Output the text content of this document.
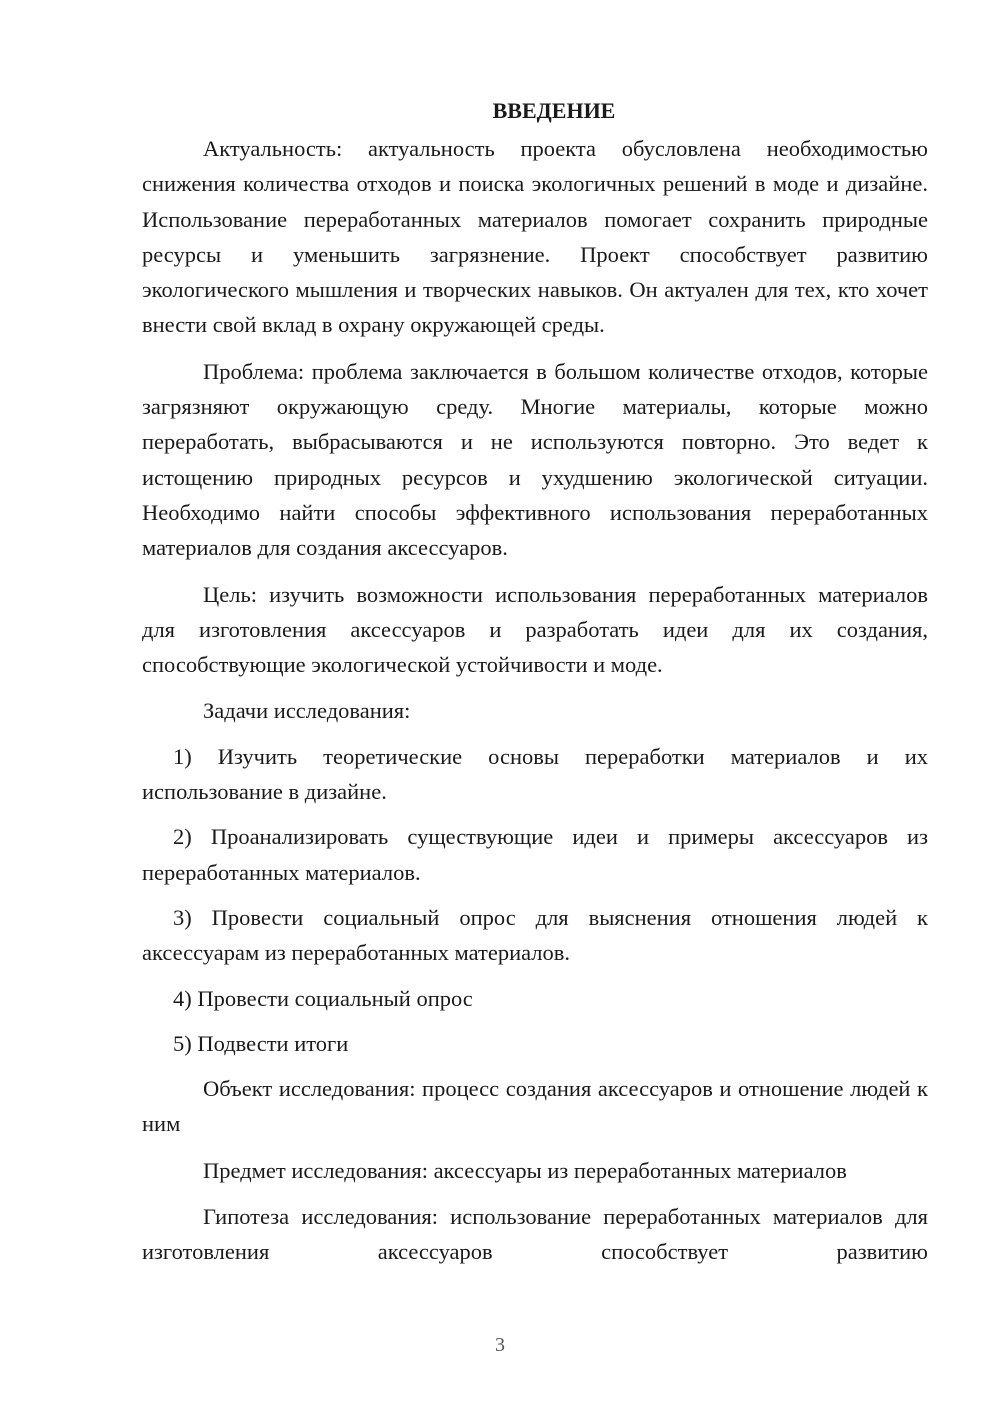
ВВЕДЕНИЕ

Актуальность: актуальность проекта обусловлена необходимостью снижения количества отходов и поиска экологичных решений в моде и дизайне. Использование переработанных материалов помогает сохранить природные ресурсы и уменьшить загрязнение. Проект способствует развитию экологического мышления и творческих навыков. Он актуален для тех, кто хочет внести свой вклад в охрану окружающей среды.

Проблема: проблема заключается в большом количестве отходов, которые загрязняют окружающую среду. Многие материалы, которые можно переработать, выбрасываются и не используются повторно. Это ведет к истощению природных ресурсов и ухудшению экологической ситуации. Необходимо найти способы эффективного использования переработанных материалов для создания аксессуаров.

Цель: изучить возможности использования переработанных материалов для изготовления аксессуаров и разработать идеи для их создания, способствующие экологической устойчивости и моде.

Задачи исследования:

1) Изучить теоретические основы переработки материалов и их использование в дизайне.

2) Проанализировать существующие идеи и примеры аксессуаров из переработанных материалов.

3) Провести социальный опрос для выяснения отношения людей к аксессуарам из переработанных материалов.

4) Провести социальный опрос

5) Подвести итоги

Объект исследования: процесс создания аксессуаров и отношение людей к ним

Предмет исследования: аксессуары из переработанных материалов

Гипотеза исследования: использование переработанных материалов для изготовления аксессуаров способствует развитию

3
